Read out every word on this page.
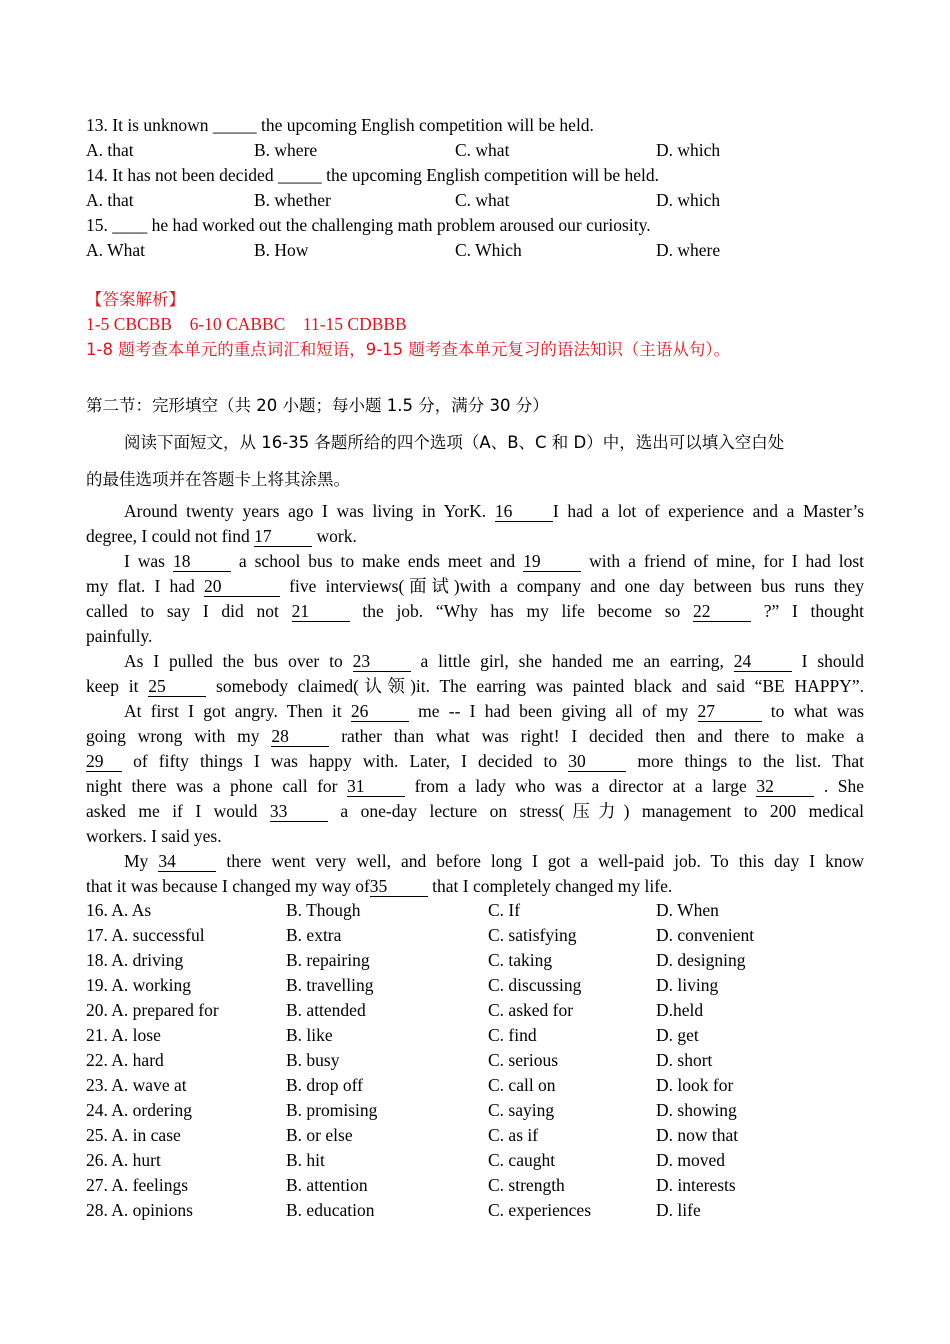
13. It is unknown _____ the upcoming English competition will be held.
A. that	B. where	C. what	D. which
14. It has not been decided _____ the upcoming English competition will be held.
A. that	B. whether	C. what	D. which
15. ____ he had worked out the challenging math problem aroused our curiosity.
A. What	B. How	C. Which	D. where
【答案解析】
1-5 CBCBB    6-10 CABBC    11-15 CDBBB
1-8 题考查本单元的重点词汇和短语，9-15 题考查本单元复习的语法知识（主语从句）。
第二节：完形填空（共 20 小题；每小题 1.5 分，满分 30 分）
阅读下面短文，从 16-35 各题所给的四个选项（A、B、C 和 D）中，选出可以填入空白处
的最佳选项并在答题卡上将其涂黑。
Around twenty years ago I was living in YorK. 16 I had a lot of experience and a Master’s
degree, I could not find 17	work.
I was 18	a school bus to make ends meet and 19	with a friend of mine, for I had lost
my flat. I had 20	five interviews(面试)with a company and one day between bus runs they
called to say I did not 21	the job. “Why has my life become so 22	?” I thought
painfully.
As I pulled the bus over to 23	a little girl, she handed me an earring, 24	I should
keep it 25	somebody claimed(认领)it. The earring was painted black and said “BE HAPPY”.
At first I got angry. Then it 26	me -- I had been giving all of my 27	to what was
going wrong with my 28	rather than what was right! I decided then and there to make a
29 of fifty things I was happy with. Later, I decided to 30	more things to the list. That
night there was a phone call for 31	from a lady who was a director at a large 32	. She
asked me if I would 33	a one-day lecture on stress(压力) management to 200 medical
workers. I said yes.
My 34	there went very well, and before long I got a well-paid job. To this day I know
that it was because I changed my way of35	that I completely changed my life.
16. A. As	B. Though	C. If	D. When
17. A. successful	B. extra	C. satisfying	D. convenient
18. A. driving	B. repairing	C. taking	D. designing
19. A. working	B. travelling	C. discussing	D. living
20. A. prepared for	B. attended	C. asked for	D.held
21. A. lose	B. like	C. find	D. get
22. A. hard	B. busy	C. serious	D. short
23. A. wave at	B. drop off	C. call on	D. look for
24. A. ordering	B. promising	C. saying	D. showing
25. A. in case	B. or else	C. as if	D. now that
26. A. hurt	B. hit	C. caught	D. moved
27. A. feelings	B. attention	C. strength	D. interests
28. A. opinions	B. education	C. experiences	D. life
